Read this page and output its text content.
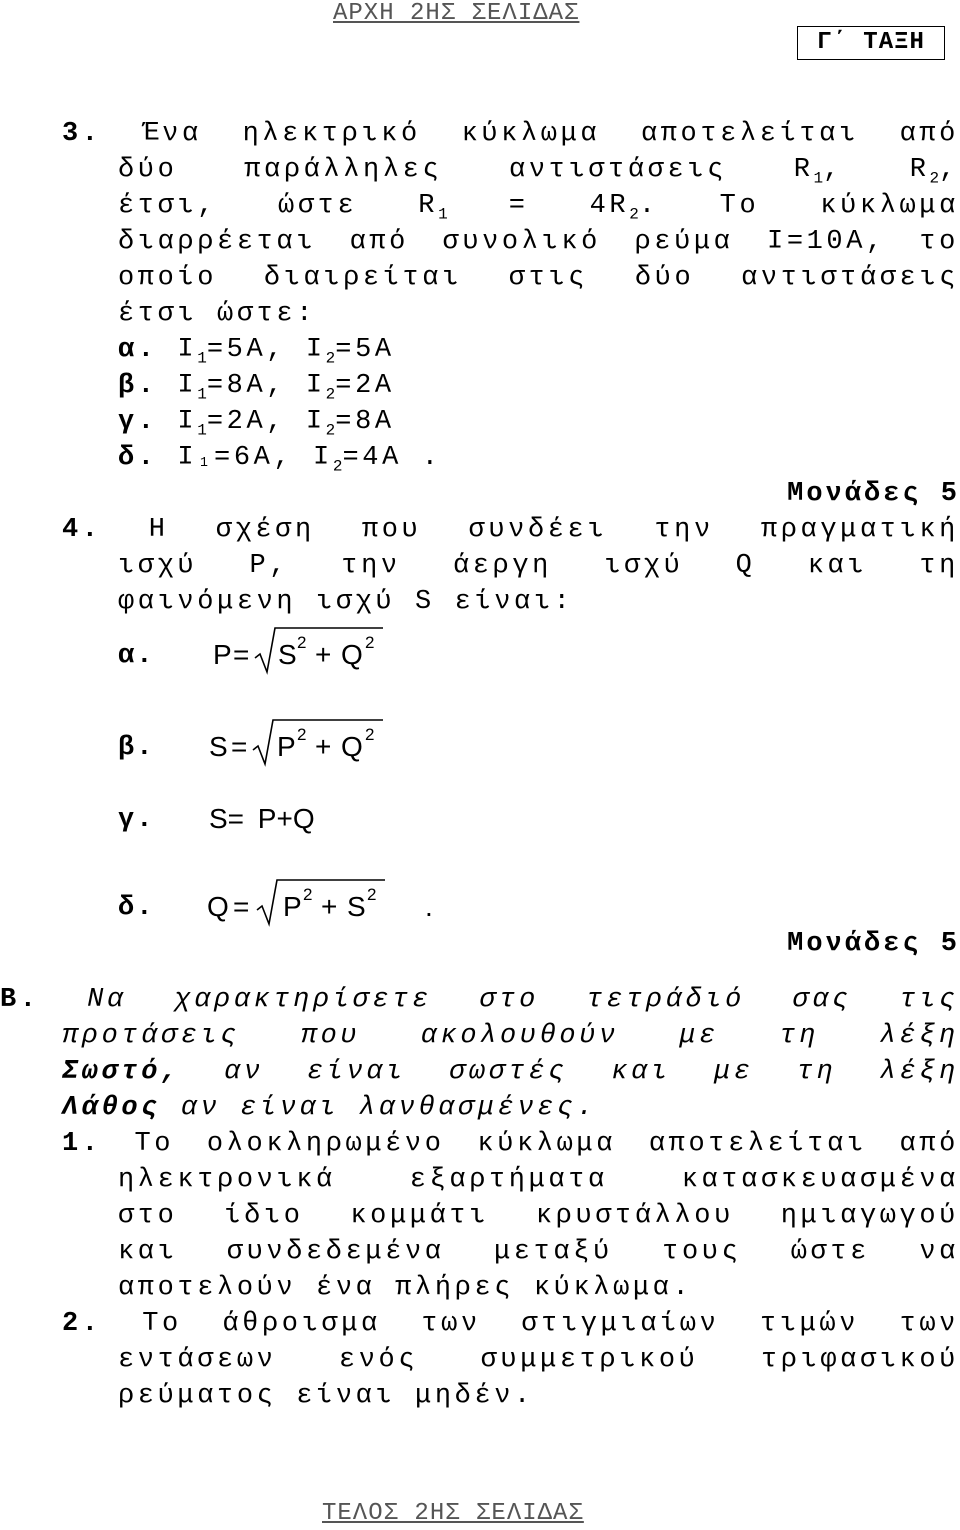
ΑΡΧΗ 2ΗΣ ΣΕΛΙΔΑΣ
Γ΄ ΤΑΞΗ
3. Ένα ηλεκτρικό κύκλωμα αποτελείται από
δύο παράλληλες αντιστάσεις $R_1$, $R_2$,
έτσι, ώστε $R_1 = 4R_2$. Το κύκλωμα
διαρρέεται από συνολικό ρεύμα Ι=10Α, το
οποίο διαιρείται στις δύο αντιστάσεις
έτσι ώστε:
α. $I_1=5A$, $I_2=5A$
β. $I_1=8A$, $I_2=2A$
γ. $I_1=2A$, $I_2=8A$
δ. Ι₁=6Α, $I_2=4A$ .
Μονάδες 5
4. Η σχέση που συνδέει την πραγματική
ισχύ P, την άεργη ισχύ Q και τη
φαινόμενη ισχύ S είναι:
α. P = S 2 + Q 2
β. S = P 2 + Q 2
γ. S= P+Q
δ. Q = P 2 + S 2 .
Μονάδες 5
Β. Να χαρακτηρίσετε στο τετράδιό σας τις
προτάσεις που ακολουθούν με τη λέξη
Σωστό, αν είναι σωστές και με τη λέξη
Λάθος αν είναι λανθασμένες.
1. Το ολοκληρωμένο κύκλωμα αποτελείται από
ηλεκτρονικά	εξαρτήματα	κατασκευασμένα
στο ίδιο κομμάτι κρυστάλλου ημιαγωγού
και συνδεδεμένα μεταξύ τους ώστε να
αποτελούν ένα πλήρες κύκλωμα.
2. Το άθροισμα των στιγμιαίων τιμών των
εντάσεων ενός συμμετρικού τριφασικού
ρεύματος είναι μηδέν.
ΤΕΛΟΣ 2ΗΣ ΣΕΛΙΔΑΣ
